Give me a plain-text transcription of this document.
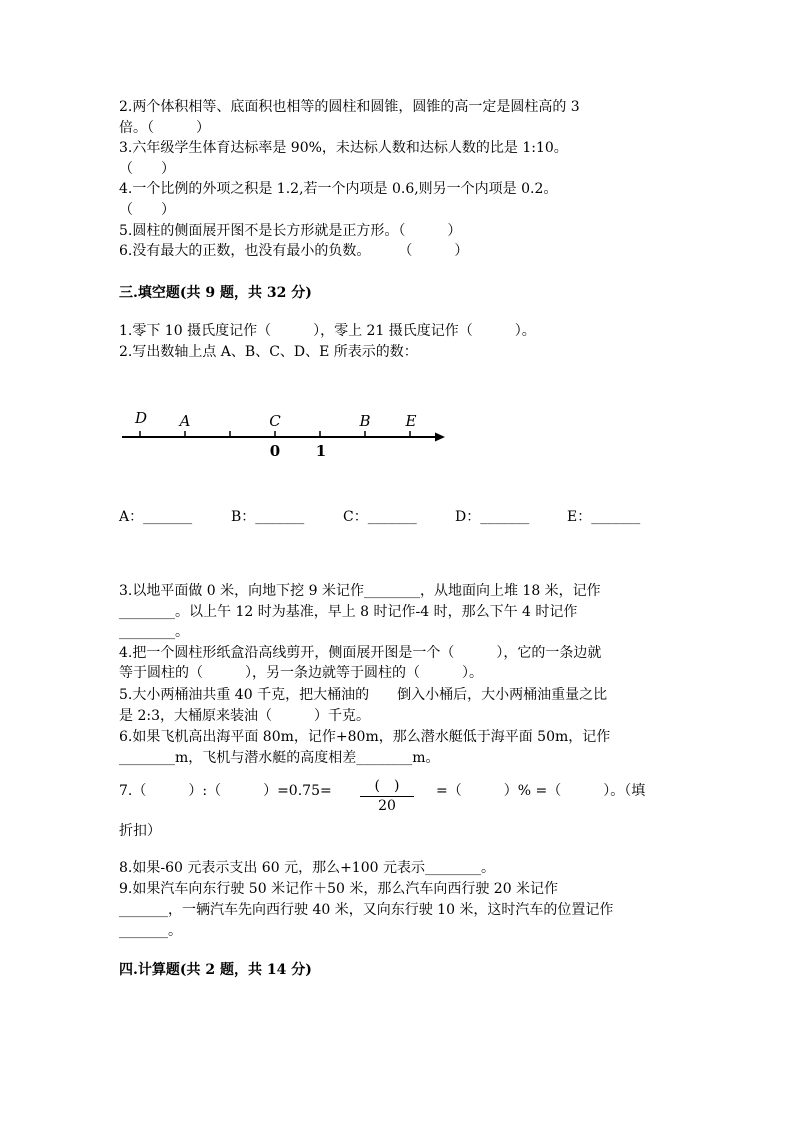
2.两个体积相等、底面积也相等的圆柱和圆锥，圆锥的高一定是圆柱高的 3
倍。（　　　）
3.六年级学生体育达标率是 90%，未达标人数和达标人数的比是 1:10。
（　　）
4.一个比例的外项之积是 1.2,若一个内项是 0.6,则另一个内项是 0.2。
（　　）
5.圆柱的侧面展开图不是长方形就是正方形。（　　　）
6.没有最大的正数，也没有最小的负数。　　　（　　　）
三.填空题(共 9 题，共 32 分)
1.零下 10 摄氏度记作（　　　），零上 21 摄氏度记作（　　　）。
2.写出数轴上点 A、B、C、D、E 所表示的数：
D A	C	B E
0 1
A：_______	B：_______	C：_______	D：_______	E：_______
3.以地平面做 0 米，向地下挖 9 米记作________，从地面向上堆 18 米，记作
________。以上午 12 时为基准，早上 8 时记作-4 时，那么下午 4 时记作
________。
4.把一个圆柱形纸盒沿高线剪开，侧面展开图是一个（　　　），它的一条边就
等于圆柱的（　　　），另一条边就等于圆柱的（　　　）。
5.大小两桶油共重 40 千克，把大桶油的　　倒入小桶后，大小两桶油重量之比
是 2:3，大桶原来装油（　　　）千克。
6.如果飞机高出海平面 80m，记作+80m，那么潜水艇低于海平面 50m，记作
________m，飞机与潜水艇的高度相差________m。
7.（　　　）:（　　　）=0.75=	(　)
20
=（　　　）% =（　　　）。（填
折扣）
8.如果-60 元表示支出 60 元，那么+100 元表示________。
9.如果汽车向东行驶 50 米记作＋50 米，那么汽车向西行驶 20 米记作
_______，一辆汽车先向西行驶 40 米，又向东行驶 10 米，这时汽车的位置记作
_______。
四.计算题(共 2 题，共 14 分)
